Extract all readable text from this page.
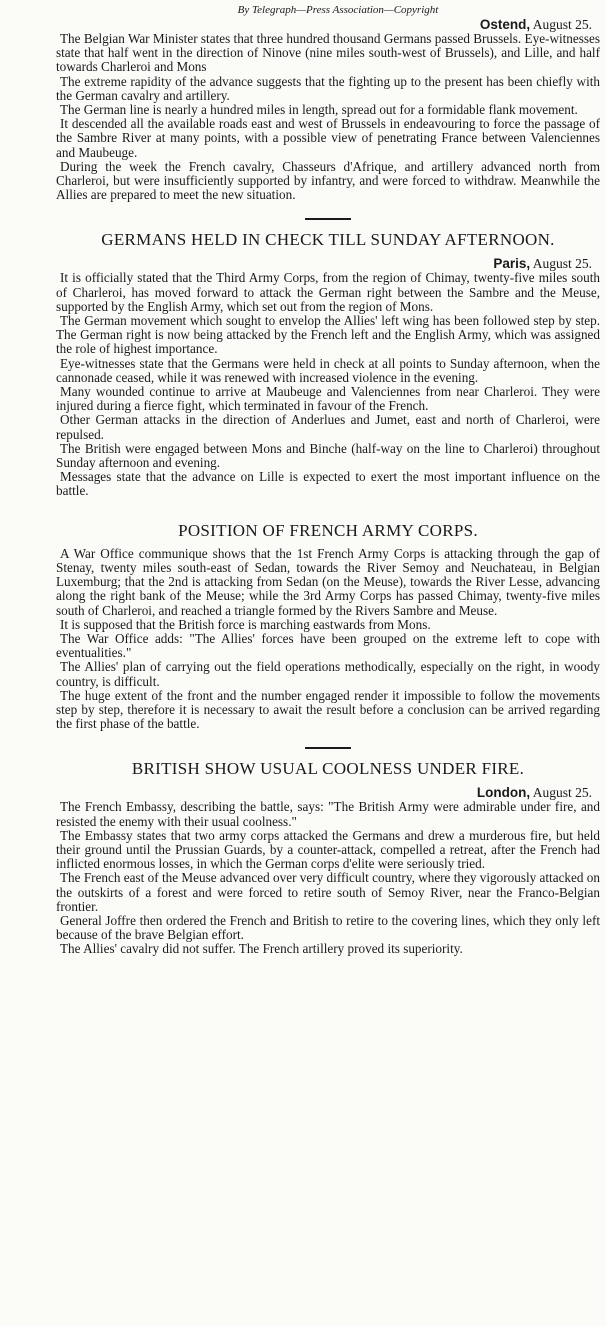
By Telegraph—Press Association—Copyright
Ostend, August 25.

The Belgian War Minister states that three hundred thousand Germans passed Brussels. Eye-witnesses state that half went in the direction of Ninove (nine miles south-west of Brussels), and Lille, and half towards Charleroi and Mons

The extreme rapidity of the advance suggests that the fighting up to the present has been chiefly with the German cavalry and artillery.

The German line is nearly a hundred miles in length, spread out for a formidable flank movement.

It descended all the available roads east and west of Brussels in endeavouring to force the passage of the Sambre River at many points, with a possible view of penetrating France between Valenciennes and Maubeuge.

During the week the French cavalry, Chasseurs d'Afrique, and artillery advanced north from Charleroi, but were insufficiently supported by infantry, and were forced to withdraw. Meanwhile the Allies are prepared to meet the new situation.

GERMANS HELD IN CHECK TILL SUNDAY AFTERNOON.
Paris, August 25.

It is officially stated that the Third Army Corps, from the region of Chimay, twenty-five miles south of Charleroi, has moved forward to attack the German right between the Sambre and the Meuse, supported by the English Army, which set out from the region of Mons.

The German movement which sought to envelop the Allies' left wing has been followed step by step. The German right is now being attacked by the French left and the English Army, which was assigned the role of highest importance.

Eye-witnesses state that the Germans were held in check at all points to Sunday afternoon, when the cannonade ceased, while it was renewed with increased violence in the evening.

Many wounded continue to arrive at Maubeuge and Valenciennes from near Charleroi. They were injured during a fierce fight, which terminated in favour of the French.

Other German attacks in the direction of Anderlues and Jumet, east and north of Charleroi, were repulsed.

The British were engaged between Mons and Binche (half-way on the line to Charleroi) throughout Sunday afternoon and evening.

Messages state that the advance on Lille is expected to exert the most important influence on the battle.

POSITION OF FRENCH ARMY CORPS.

A War Office communique shows that the 1st French Army Corps is attacking through the gap of Stenay, twenty miles south-east of Sedan, towards the River Semoy and Neuchateau, in Belgian Luxemburg; that the 2nd is attacking from Sedan (on the Meuse), towards the River Lesse, advancing along the right bank of the Meuse; while the 3rd Army Corps has passed Chimay, twenty-five miles south of Charleroi, and reached a triangle formed by the Rivers Sambre and Meuse.

It is supposed that the British force is marching eastwards from Mons.

The War Office adds: "The Allies' forces have been grouped on the extreme left to cope with eventualities."

The Allies' plan of carrying out the field operations methodically, especially on the right, in woody country, is difficult.

The huge extent of the front and the number engaged render it impossible to follow the movements step by step, therefore it is necessary to await the result before a conclusion can be arrived regarding the first phase of the battle.

BRITISH SHOW USUAL COOLNESS UNDER FIRE.
London, August 25.

The French Embassy, describing the battle, says: "The British Army were admirable under fire, and resisted the enemy with their usual coolness."

The Embassy states that two army corps attacked the Germans and drew a murderous fire, but held their ground until the Prussian Guards, by a counter-attack, compelled a retreat, after the French had inflicted enormous losses, in which the German corps d'elite were seriously tried.

The French east of the Meuse advanced over very difficult country, where they vigorously attacked on the outskirts of a forest and were forced to retire south of Semoy River, near the Franco-Belgian frontier.

General Joffre then ordered the French and British to retire to the covering lines, which they only left because of the brave Belgian effort.

The Allies' cavalry did not suffer. The French artillery proved its superiority.
